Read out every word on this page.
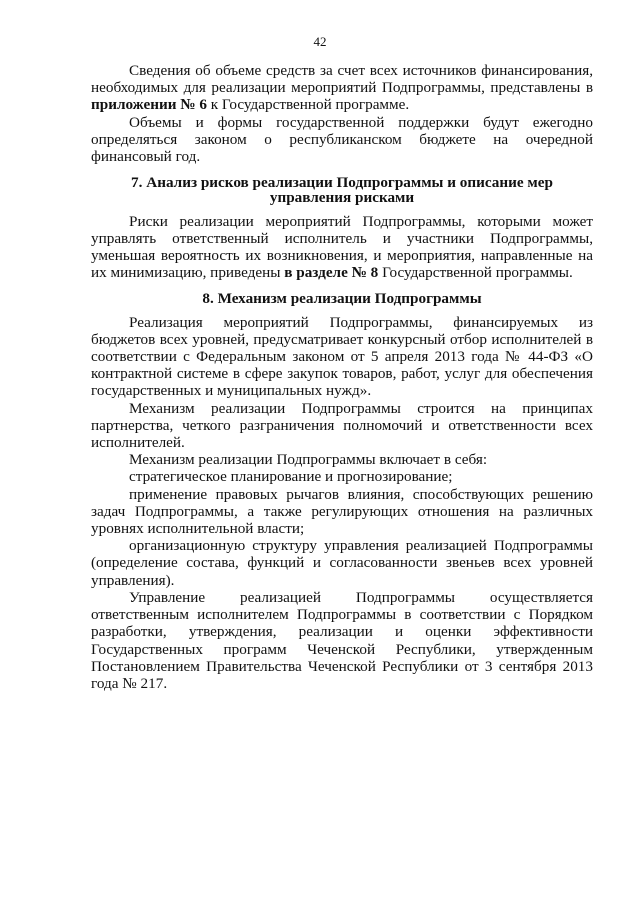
42

Сведения об объеме средств за счет всех источников финансирования, необходимых для реализации мероприятий Подпрограммы, представлены в приложении № 6 к Государственной программе.

Объемы и формы государственной поддержки будут ежегодно определяться законом о республиканском бюджете на очередной финансовый год.

7. Анализ рисков реализации Подпрограммы и описание мер управления рисками

Риски реализации мероприятий Подпрограммы, которыми может управлять ответственный исполнитель и участники Подпрограммы, уменьшая вероятность их возникновения, и мероприятия, направленные на их минимизацию, приведены в разделе № 8 Государственной программы.

8. Механизм реализации Подпрограммы

Реализация мероприятий Подпрограммы, финансируемых из бюджетов всех уровней, предусматривает конкурсный отбор исполнителей в соответствии с Федеральным законом от 5 апреля 2013 года № 44-ФЗ «О контрактной системе в сфере закупок товаров, работ, услуг для обеспечения государственных и муниципальных нужд».

Механизм реализации Подпрограммы строится на принципах партнерства, четкого разграничения полномочий и ответственности всех исполнителей.

Механизм реализации Подпрограммы включает в себя:

стратегическое планирование и прогнозирование;

применение правовых рычагов влияния, способствующих решению задач Подпрограммы, а также регулирующих отношения на различных уровнях исполнительной власти;

организационную структуру управления реализацией Подпрограммы (определение состава, функций и согласованности звеньев всех уровней управления).

Управление реализацией Подпрограммы осуществляется ответственным исполнителем Подпрограммы в соответствии с Порядком разработки, утверждения, реализации и оценки эффективности Государственных программ Чеченской Республики, утвержденным Постановлением Правительства Чеченской Республики от 3 сентября 2013 года № 217.
